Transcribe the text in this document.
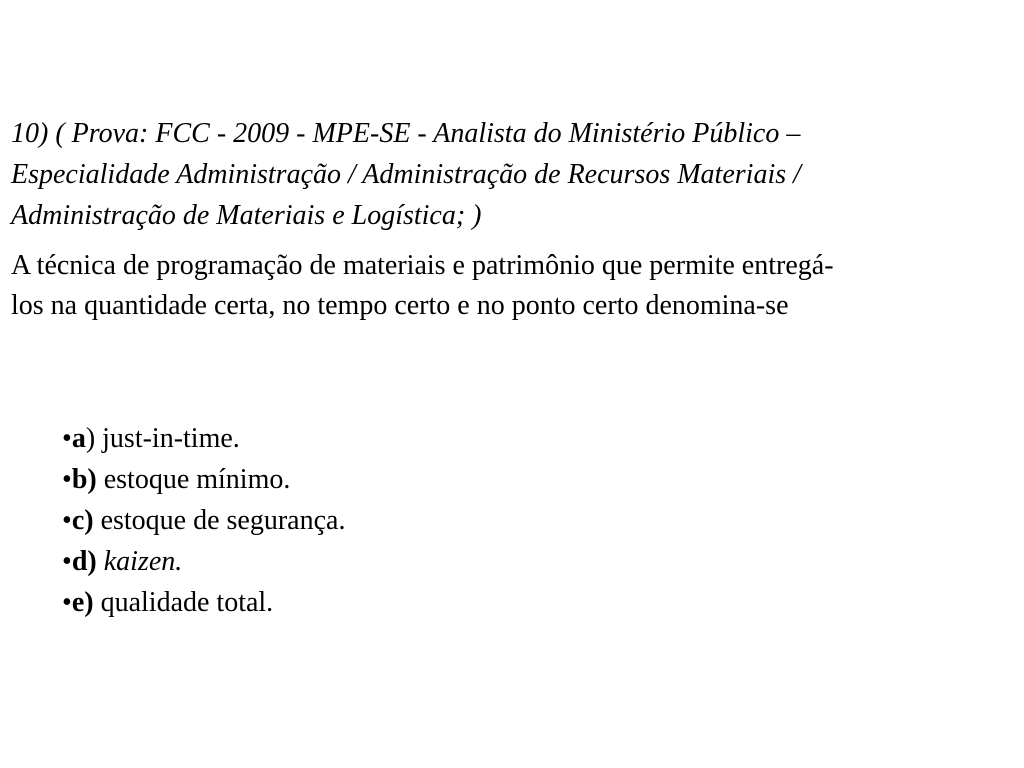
10) ( Prova: FCC - 2009 - MPE-SE - Analista do Ministério Público –
Especialidade Administração / Administração de Recursos Materiais /
Administração de Materiais e Logística; )

A técnica de programação de materiais e patrimônio que permite entregá-
los na quantidade certa, no tempo certo e no ponto certo denomina-se

•a) just-in-time.
•b) estoque mínimo.
•c) estoque de segurança.
•d) kaizen.
•e) qualidade total.
